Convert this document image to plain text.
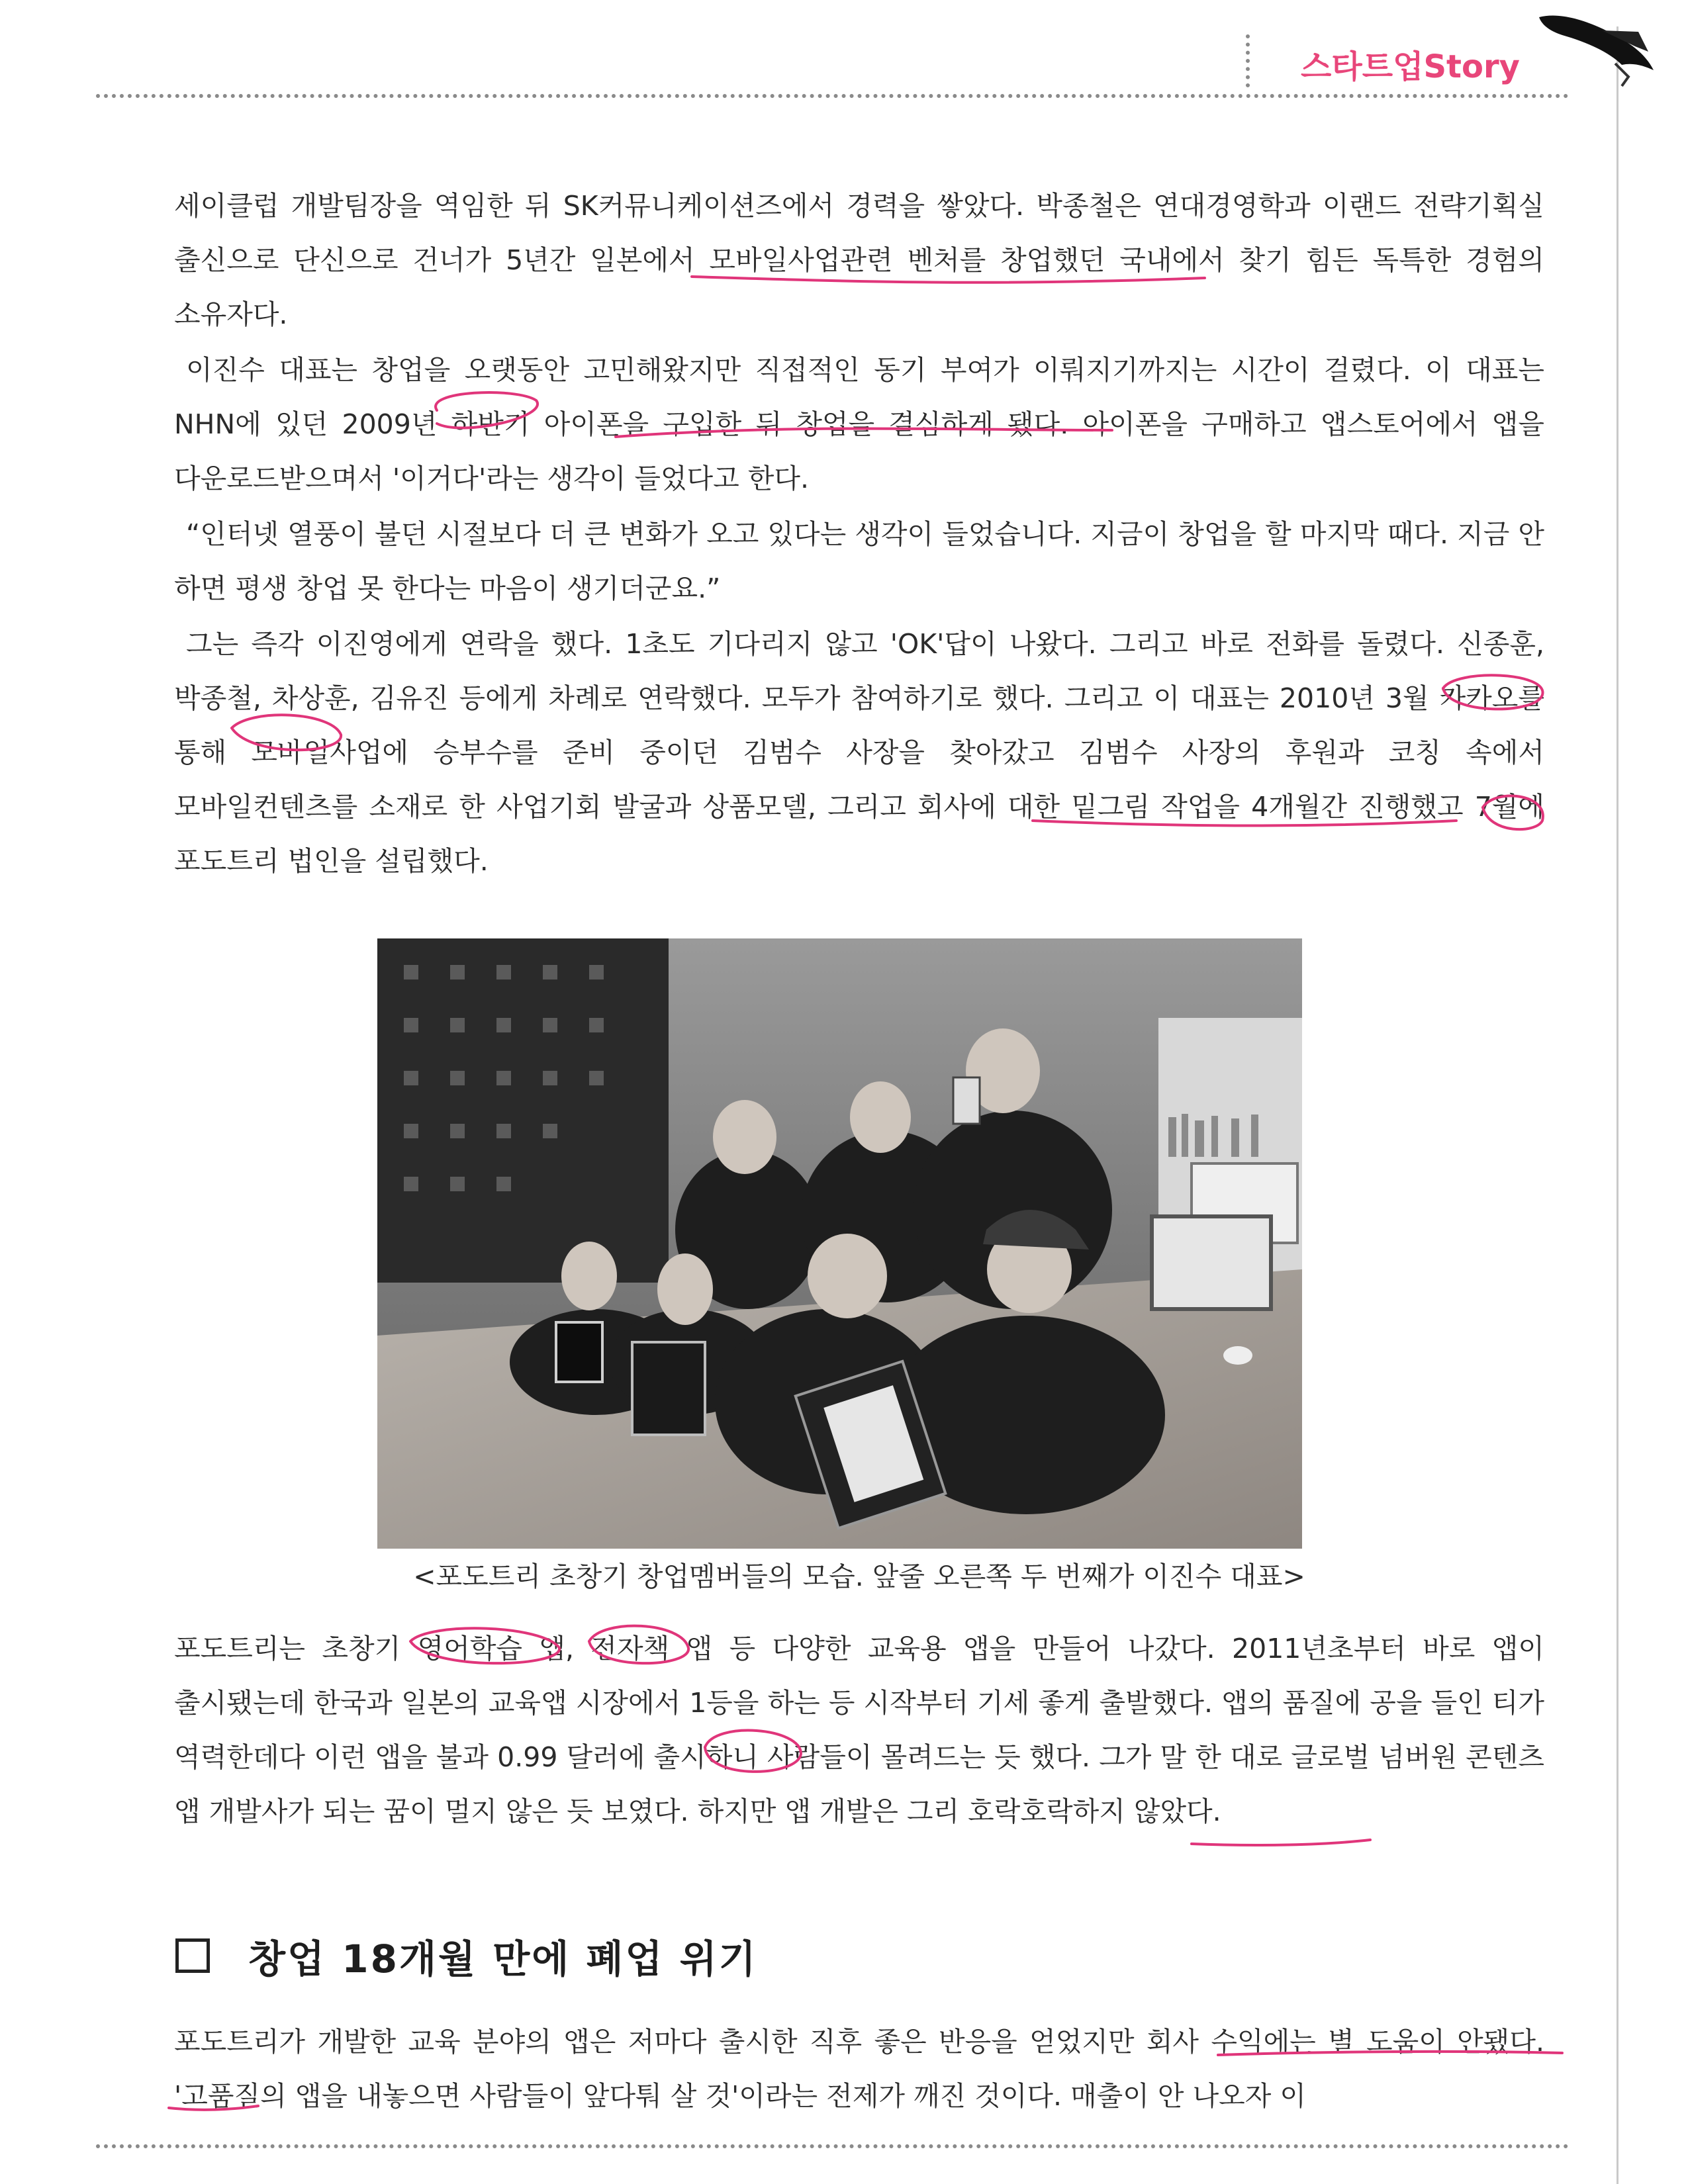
스타트업Story

세이클럽 개발팀장을 역임한 뒤 SK커뮤니케이션즈에서 경력을 쌓았다. 박종철은 연대경영학과 이랜드 전략기획실 출신으로 단신으로 건너가 5년간 일본에서 모바일사업관련 벤처를 창업했던 국내에서 찾기 힘든 독특한 경험의 소유자다.

이진수 대표는 창업을 오랫동안 고민해왔지만 직접적인 동기 부여가 이뤄지기까지는 시간이 걸렸다. 이 대표는 NHN에 있던 2009년 하반기 아이폰을 구입한 뒤 창업을 결심하게 됐다. 아이폰을 구매하고 앱스토어에서 앱을 다운로드받으며서 '이거다'라는 생각이 들었다고 한다.

“인터넷 열풍이 불던 시절보다 더 큰 변화가 오고 있다는 생각이 들었습니다. 지금이 창업을 할 마지막 때다. 지금 안 하면 평생 창업 못 한다는 마음이 생기더군요.”

그는 즉각 이진영에게 연락을 했다. 1초도 기다리지 않고 'OK'답이 나왔다. 그리고 바로 전화를 돌렸다. 신종훈, 박종철, 차상훈, 김유진 등에게 차례로 연락했다. 모두가 참여하기로 했다. 그리고 이 대표는 2010년 3월 카카오를 통해 모바일사업에 승부수를 준비 중이던 김범수 사장을 찾아갔고 김범수 사장의 후원과 코칭 속에서 모바일컨텐츠를 소재로 한 사업기회 발굴과 상품모델, 그리고 회사에 대한 밑그림 작업을 4개월간 진행했고 7월에 포도트리 법인을 설립했다.

<포도트리 초창기 창업멤버들의 모습. 앞줄 오른쪽 두 번째가 이진수 대표>

포도트리는 초창기 영어학습 앱, 전자책 앱 등 다양한 교육용 앱을 만들어 나갔다. 2011년초부터 바로 앱이 출시됐는데 한국과 일본의 교육앱 시장에서 1등을 하는 등 시작부터 기세 좋게 출발했다. 앱의 품질에 공을 들인 티가 역력한데다 이런 앱을 불과 0.99 달러에 출시하니 사람들이 몰려드는 듯 했다. 그가 말 한 대로 글로벌 넘버원 콘텐츠 앱 개발사가 되는 꿈이 멀지 않은 듯 보였다. 하지만 앱 개발은 그리 호락호락하지 않았다.

창업 18개월 만에 폐업 위기

포도트리가 개발한 교육 분야의 앱은 저마다 출시한 직후 좋은 반응을 얻었지만 회사 수익에는 별 도움이 안됐다. '고품질의 앱을 내놓으면 사람들이 앞다퉈 살 것'이라는 전제가 깨진 것이다. 매출이 안 나오자 이
